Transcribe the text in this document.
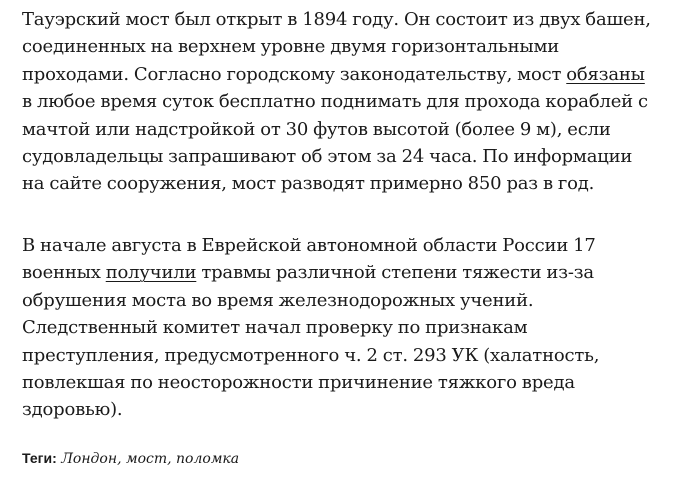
Тауэрский мост был открыт в 1894 году. Он состоит из двух башен,
соединенных на верхнем уровне двумя горизонтальными
проходами. Согласно городскому законодательству, мост обязаны
в любое время суток бесплатно поднимать для прохода кораблей с
мачтой или надстройкой от 30 футов высотой (более 9 м), если
судовладельцы запрашивают об этом за 24 часа. По информации
на сайте сооружения, мост разводят примерно 850 раз в год.

В начале августа в Еврейской автономной области России 17
военных получили травмы различной степени тяжести из-за
обрушения моста во время железнодорожных учений.
Следственный комитет начал проверку по признакам
преступления, предусмотренного ч. 2 ст. 293 УК (халатность,
повлекшая по неосторожности причинение тяжкого вреда
здоровью).

Теги: Лондон, мост, поломка
